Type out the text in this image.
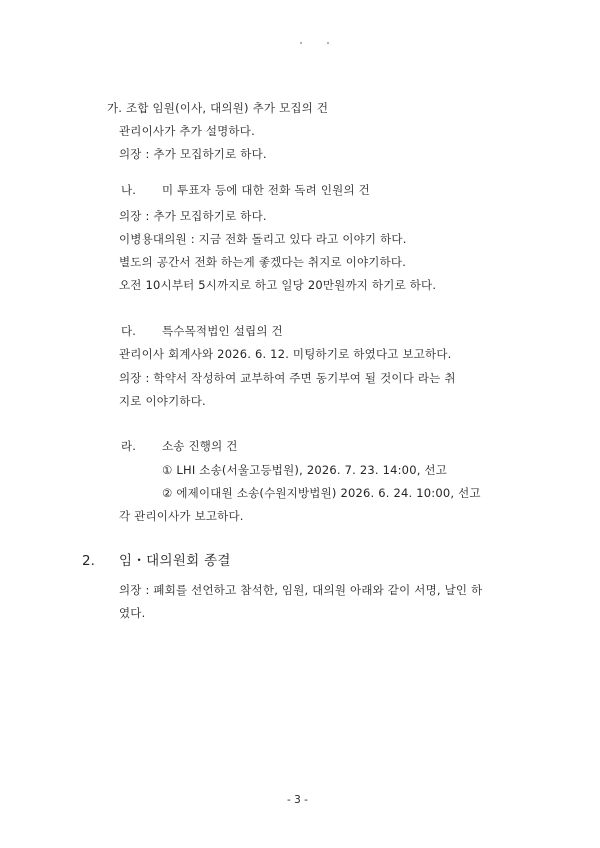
가. 조합 임원(이사, 대의원) 추가 모집의 건
관리이사가 추가 설명하다.
의장 : 추가 모집하기로 하다.
나. 미 투표자 등에 대한 전화 독려 인원의 건
의장 : 추가 모집하기로 하다.
이병용대의원 : 지금 전화 돌리고 있다 라고 이야기 하다.
별도의 공간서 전화 하는게 좋겠다는 취지로 이야기하다.
오전 10시부터 5시까지로 하고 일당 20만원까지 하기로 하다.
다. 특수목적법인 설립의 건
관리이사 회계사와 2026. 6. 12. 미팅하기로 하였다고 보고하다.
의장 : 학약서 작성하여 교부하여 주면 동기부여 될 것이다 라는 취
지로 이야기하다.
라. 소송 진행의 건
① LHI 소송(서울고등법원), 2026. 7. 23. 14:00, 선고
② 에제이대원 소송(수원지방법원) 2026. 6. 24. 10:00, 선고
각 관리이사가 보고하다.
2. 임・대의원회 종결
의장 : 폐회를 선언하고 참석한, 임원, 대의원 아래와 같이 서명, 날인 하
였다.
- 3 -
